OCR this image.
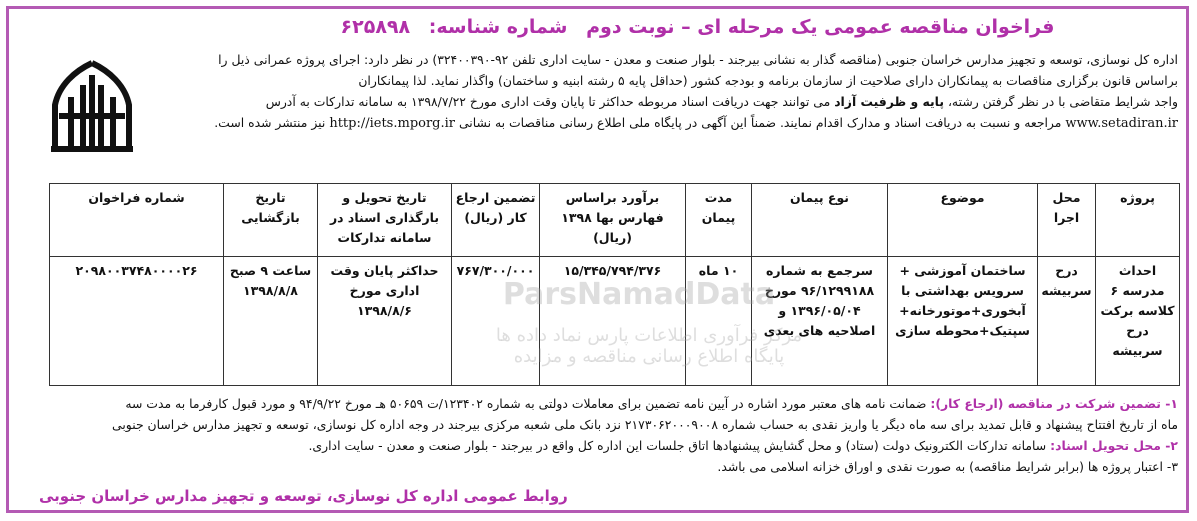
فراخوان مناقصه عمومی یک مرحله ای – نوبت دوم شماره شناسه: ۶۲۵۸۹۸

اداره کل نوسازی، توسعه و تجهیز مدارس خراسان جنوبی (مناقصه گذار به نشانی بیرجند - بلوار صنعت و معدن - سایت اداری تلفن ۹۲-۳۲۴۰۰۳۹۰) در نظر دارد: اجرای پروژه عمرانی ذیل را

براساس قانون برگزاری مناقصات به پیمانکاران دارای صلاحیت از سازمان برنامه و بودجه کشور (حداقل پایه ۵ رشته ابنیه و ساختمان) واگذار نماید. لذا پیمانکاران

واجد شرایط متقاضی با در نظر گرفتن رشته، پایه و ظرفیت آزاد می توانند جهت دریافت اسناد مربوطه حداکثر تا پایان وقت اداری مورخ ۱۳۹۸/۷/۲۲ به سامانه تدارکات به آدرس

www.setadiran.ir مراجعه و نسبت به دریافت اسناد و مدارک اقدام نمایند. ضمناً این آگهی در پایگاه ملی اطلاع رسانی مناقصات به نشانی http://iets.mporg.ir نیز منتشر شده است.

پروژه	محل اجرا	موضوع	نوع پیمان	مدت پیمان	برآورد براساس فهارس بها ۱۳۹۸ (ریال)	تضمین ارجاع کار (ریال)	تاریخ تحویل و بارگذاری اسناد در سامانه تدارکات	تاریخ بازگشایی	شماره فراخوان
احداث مدرسه ۶ کلاسه برکت درح سربیشه	درح سربیشه	ساختمان آموزشی + سرویس بهداشتی با آبخوری+موتورخانه+ سپتیک+محوطه سازی	سرجمع به شماره ۹۶/۱۲۹۹۱۸۸ مورخ ۱۳۹۶/۰۵/۰۴ و اصلاحیه های بعدی	۱۰ ماه	۱۵/۳۴۵/۷۹۴/۳۷۶	۷۶۷/۳۰۰/۰۰۰	حداکثر پایان وقت اداری مورخ ۱۳۹۸/۸/۶	ساعت ۹ صبح ۱۳۹۸/۸/۸	۲۰۹۸۰۰۳۷۴۸۰۰۰۰۲۶
ParsNamadData
مرکز فرآوری اطلاعات پارس نماد داده ها
پایگاه اطلاع رسانی مناقصه و مزایده

۱- تضمین شرکت در مناقصه (ارجاع کار): ضمانت نامه های معتبر مورد اشاره در آیین نامه تضمین برای معاملات دولتی به شماره ۱۲۳۴۰۲/ت ۵۰۶۵۹ هـ مورخ ۹۴/۹/۲۲ و مورد قبول کارفرما به مدت سه

ماه از تاریخ افتتاح پیشنهاد و قابل تمدید برای سه ماه دیگر یا واریز نقدی به حساب شماره ۲۱۷۳۰۶۲۰۰۰۹۰۰۸ نزد بانک ملی شعبه مرکزی بیرجند در وجه اداره کل نوسازی، توسعه و تجهیز مدارس خراسان جنوبی

۲- محل تحویل اسناد: سامانه تدارکات الکترونیک دولت (ستاد) و محل گشایش پیشنهادها اتاق جلسات این اداره کل واقع در بیرجند - بلوار صنعت و معدن - سایت اداری.

۳- اعتبار پروژه ها (برابر شرایط مناقصه) به صورت نقدی و اوراق خزانه اسلامی می باشد.

روابط عمومی اداره کل نوسازی، توسعه و تجهیز مدارس خراسان جنوبی
